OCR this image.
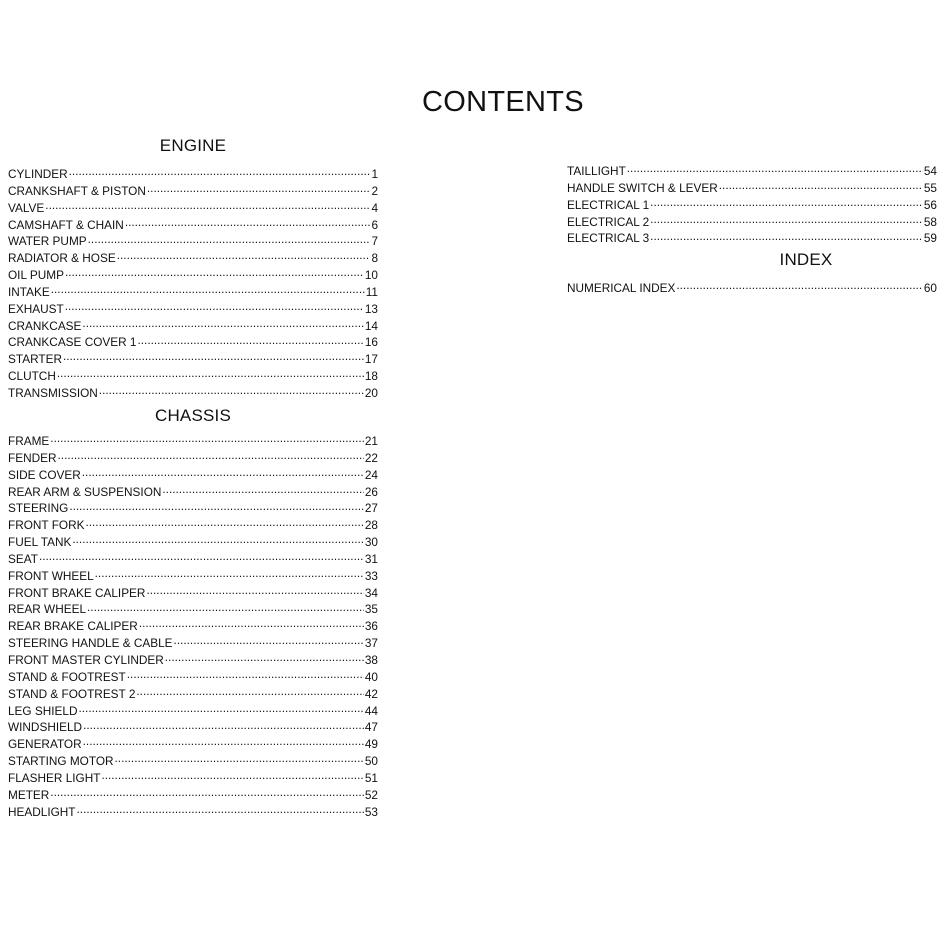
CONTENTS
ENGINE
CYLINDER .....	1
CRANKSHAFT & PISTON .....	2
VALVE .....	4
CAMSHAFT & CHAIN .....	6
WATER PUMP .....	7
RADIATOR & HOSE .....	8
OIL PUMP .....	10
INTAKE .....	11
EXHAUST .....	13
CRANKCASE .....	14
CRANKCASE COVER 1 .....	16
STARTER .....	17
CLUTCH .....	18
TRANSMISSION .....	20
CHASSIS
FRAME .....	21
FENDER .....	22
SIDE COVER .....	24
REAR ARM & SUSPENSION .....	26
STEERING .....	27
FRONT FORK .....	28
FUEL TANK .....	30
SEAT .....	31
FRONT WHEEL .....	33
FRONT BRAKE CALIPER .....	34
REAR WHEEL .....	35
REAR BRAKE CALIPER .....	36
STEERING HANDLE & CABLE .....	37
FRONT MASTER CYLINDER .....	38
STAND & FOOTREST .....	40
STAND & FOOTREST 2 .....	42
LEG SHIELD .....	44
WINDSHIELD .....	47
GENERATOR .....	49
STARTING MOTOR .....	50
FLASHER LIGHT .....	51
METER .....	52
HEADLIGHT .....	53
TAILLIGHT .....	54
HANDLE SWITCH & LEVER .....	55
ELECTRICAL 1 .....	56
ELECTRICAL 2 .....	58
ELECTRICAL 3 .....	59
INDEX
NUMERICAL INDEX .....	60
